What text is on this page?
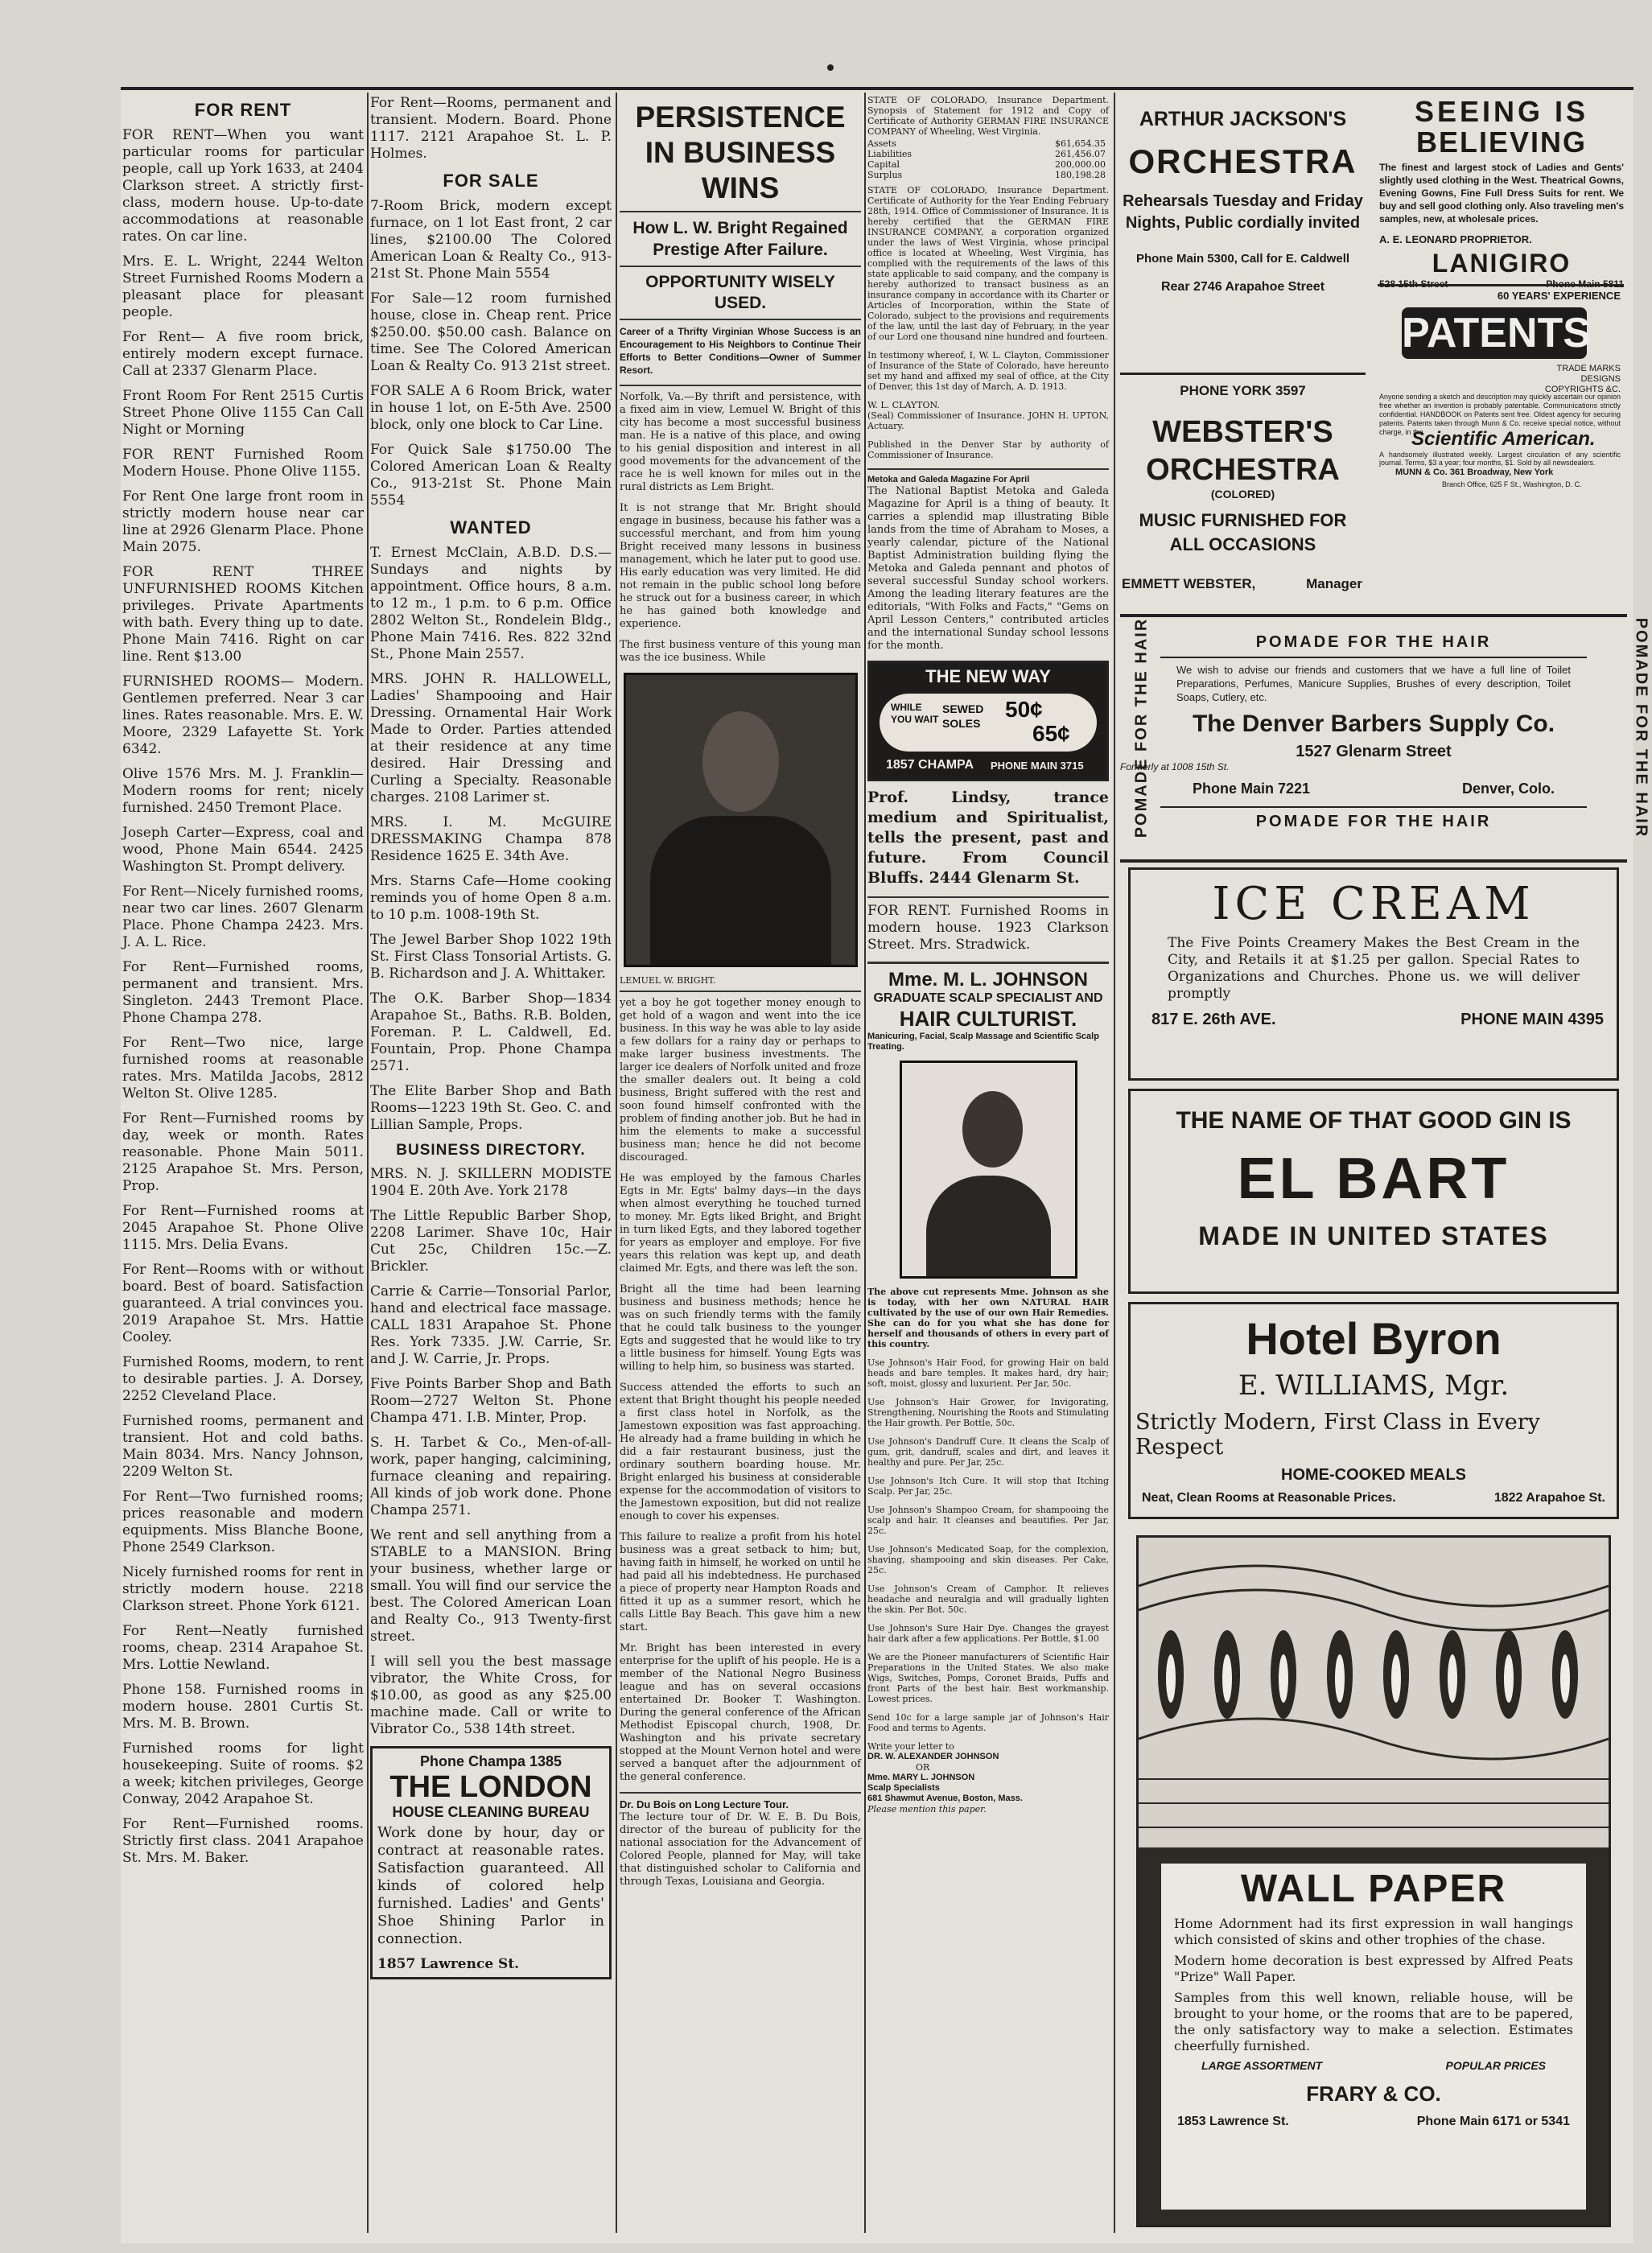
FOR RENT

FOR RENT—When you want particular rooms for particular people, call up York 1633, at 2404 Clarkson street. A strictly first-class, modern house. Up-to-date accommodations at reasonable rates. On car line.

Mrs. E. L. Wright, 2244 Welton Street Furnished Rooms Modern a pleasant place for pleasant people.

For Rent— A five room brick, entirely modern except furnace. Call at 2337 Glenarm Place.

Front Room For Rent 2515 Curtis Street Phone Olive 1155 Can Call Night or Morning

FOR RENT Furnished Room Modern House. Phone Olive 1155.

For Rent One large front room in strictly modern house near car line at 2926 Glenarm Place. Phone Main 2075.

FOR RENT THREE UNFURNISHED ROOMS Kitchen privileges. Private Apartments with bath. Every thing up to date. Phone Main 7416. Right on car line. Rent $13.00

FURNISHED ROOMS— Modern. Gentlemen preferred. Near 3 car lines. Rates reasonable. Mrs. E. W. Moore, 2329 Lafayette St. York 6342.

Olive 1576 Mrs. M. J. Franklin—Modern rooms for rent; nicely furnished. 2450 Tremont Place.

Joseph Carter—Express, coal and wood, Phone Main 6544. 2425 Washington St. Prompt delivery.

For Rent—Nicely furnished rooms, near two car lines. 2607 Glenarm Place. Phone Champa 2423. Mrs. J. A. L. Rice.

For Rent—Furnished rooms, permanent and transient. Mrs. Singleton. 2443 Tremont Place. Phone Champa 278.

For Rent—Two nice, large furnished rooms at reasonable rates. Mrs. Matilda Jacobs, 2812 Welton St. Olive 1285.

For Rent—Furnished rooms by day, week or month. Rates reasonable. Phone Main 5011. 2125 Arapahoe St. Mrs. Person, Prop.

For Rent—Furnished rooms at 2045 Arapahoe St. Phone Olive 1115. Mrs. Delia Evans.

For Rent—Rooms with or without board. Best of board. Satisfaction guaranteed. A trial convinces you. 2019 Arapahoe St. Mrs. Hattie Cooley.

Furnished Rooms, modern, to rent to desirable parties. J. A. Dorsey, 2252 Cleveland Place.

Furnished rooms, permanent and transient. Hot and cold baths. Main 8034. Mrs. Nancy Johnson, 2209 Welton St.

For Rent—Two furnished rooms; prices reasonable and modern equipments. Miss Blanche Boone, Phone 2549 Clarkson.

Nicely furnished rooms for rent in strictly modern house. 2218 Clarkson street. Phone York 6121.

For Rent—Neatly furnished rooms, cheap. 2314 Arapahoe St. Mrs. Lottie Newland.

Phone 158. Furnished rooms in modern house. 2801 Curtis St. Mrs. M. B. Brown.

Furnished rooms for light housekeeping. Suite of rooms. $2 a week; kitchen privileges, George Conway, 2042 Arapahoe St.

For Rent—Furnished rooms. Strictly first class. 2041 Arapahoe St. Mrs. M. Baker.

For Rent—Rooms, permanent and transient. Modern. Board. Phone 1117. 2121 Arapahoe St. L. P. Holmes.

FOR SALE

7-Room Brick, modern except furnace, on 1 lot East front, 2 car lines, $2100.00 The Colored American Loan & Realty Co., 913-21st St. Phone Main 5554

For Sale—12 room furnished house, close in. Cheap rent. Price $250.00. $50.00 cash. Balance on time. See The Colored American Loan & Realty Co. 913 21st street.

FOR SALE A 6 Room Brick, water in house 1 lot, on E-5th Ave. 2500 block, only one block to Car Line.

For Quick Sale $1750.00 The Colored American Loan & Realty Co., 913-21st St. Phone Main 5554

WANTED

T. Ernest McClain, A.B.D. D.S.—Sundays and nights by appointment. Office hours, 8 a.m. to 12 m., 1 p.m. to 6 p.m. Office 2802 Welton St., Rondelein Bldg., Phone Main 7416. Res. 822 32nd St., Phone Main 2557.

MRS. JOHN R. HALLOWELL, Ladies' Shampooing and Hair Dressing. Ornamental Hair Work Made to Order. Parties attended at their residence at any time desired. Hair Dressing and Curling a Specialty. Reasonable charges. 2108 Larimer st.

MRS. I. M. McGUIRE DRESSMAKING Champa 878 Residence 1625 E. 34th Ave.

Mrs. Starns Cafe—Home cooking reminds you of home Open 8 a.m. to 10 p.m. 1008-19th St.

The Jewel Barber Shop 1022 19th St. First Class Tonsorial Artists. G. B. Richardson and J. A. Whittaker.

The O.K. Barber Shop—1834 Arapahoe St., Baths. R.B. Bolden, Foreman. P. L. Caldwell, Ed. Fountain, Prop. Phone Champa 2571.

The Elite Barber Shop and Bath Rooms—1223 19th St. Geo. C. and Lillian Sample, Props.

BUSINESS DIRECTORY.

MRS. N. J. SKILLERN MODISTE 1904 E. 20th Ave. York 2178

The Little Republic Barber Shop, 2208 Larimer. Shave 10c, Hair Cut 25c, Children 15c.—Z. Brickler.

Carrie & Carrie—Tonsorial Parlor, hand and electrical face massage. CALL 1831 Arapahoe St. Phone Res. York 7335. J.W. Carrie, Sr. and J. W. Carrie, Jr. Props.

Five Points Barber Shop and Bath Room—2727 Welton St. Phone Champa 471. I.B. Minter, Prop.

S. H. Tarbet & Co., Men-of-all-work, paper hanging, calcimining, furnace cleaning and repairing. All kinds of job work done. Phone Champa 2571.

We rent and sell anything from a STABLE to a MANSION. Bring your business, whether large or small. You will find our service the best. The Colored American Loan and Realty Co., 913 Twenty-first street.

I will sell you the best massage vibrator, the White Cross, for $10.00, as good as any $25.00 machine made. Call or write to Vibrator Co., 538 14th street.

Phone Champa 1385
THE LONDON
HOUSE CLEANING BUREAU

Work done by hour, day or contract at reasonable rates. Satisfaction guaranteed. All kinds of colored help furnished. Ladies' and Gents' Shoe Shining Parlor in connection.

1857 Lawrence St.
PERSISTENCE IN BUSINESS WINS
How L. W. Bright Regained Prestige After Failure.
OPPORTUNITY WISELY USED.

Career of a Thrifty Virginian Whose Success is an Encouragement to His Neighbors to Continue Their Efforts to Better Conditions—Owner of Summer Resort.

Norfolk, Va.—By thrift and persistence, with a fixed aim in view, Lemuel W. Bright of this city has become a most successful business man. He is a native of this place, and owing to his genial disposition and interest in all good movements for the advancement of the race he is well known for miles out in the rural districts as Lem Bright.

It is not strange that Mr. Bright should engage in business, because his father was a successful merchant, and from him young Bright received many lessons in business management, which he later put to good use. His early education was very limited. He did not remain in the public school long before he struck out for a business career, in which he has gained both knowledge and experience.

The first business venture of this young man was the ice business. While

LEMUEL W. BRIGHT.

yet a boy he got together money enough to get hold of a wagon and went into the ice business. In this way he was able to lay aside a few dollars for a rainy day or perhaps to make larger business investments. The larger ice dealers of Norfolk united and froze the smaller dealers out. It being a cold business, Bright suffered with the rest and soon found himself confronted with the problem of finding another job. But he had in him the elements to make a successful business man; hence he did not become discouraged.

He was employed by the famous Charles Egts in Mr. Egts' balmy days—in the days when almost everything he touched turned to money. Mr. Egts liked Bright, and Bright in turn liked Egts, and they labored together for years as employer and employe. For five years this relation was kept up, and death claimed Mr. Egts, and there was left the son.

Bright all the time had been learning business and business methods; hence he was on such friendly terms with the family that he could talk business to the younger Egts and suggested that he would like to try a little business for himself. Young Egts was willing to help him, so business was started.

Success attended the efforts to such an extent that Bright thought his people needed a first class hotel in Norfolk, as the Jamestown exposition was fast approaching. He already had a frame building in which he did a fair restaurant business, just the ordinary southern boarding house. Mr. Bright enlarged his business at considerable expense for the accommodation of visitors to the Jamestown exposition, but did not realize enough to cover his expenses.

This failure to realize a profit from his hotel business was a great setback to him; but, having faith in himself, he worked on until he had paid all his indebtedness. He purchased a piece of property near Hampton Roads and fitted it up as a summer resort, which he calls Little Bay Beach. This gave him a new start.

Mr. Bright has been interested in every enterprise for the uplift of his people. He is a member of the National Negro Business league and has on several occasions entertained Dr. Booker T. Washington. During the general conference of the African Methodist Episcopal church, 1908, Dr. Washington and his private secretary stopped at the Mount Vernon hotel and were served a banquet after the adjournment of the general conference.

Dr. Du Bois on Long Lecture Tour.

The lecture tour of Dr. W. E. B. Du Bois, director of the bureau of publicity for the national association for the Advancement of Colored People, planned for May, will take that distinguished scholar to California and through Texas, Louisiana and Georgia.

STATE OF COLORADO, Insurance Department. Synopsis of Statement for 1912 and Copy of Certificate of Authority GERMAN FIRE INSURANCE COMPANY of Wheeling, West Virginia.

Assets	$61,654.35
Liabilities	261,456.07
Capital	200,000.00
Surplus	180,198.28

STATE OF COLORADO, Insurance Department. Certificate of Authority for the Year Ending February 28th, 1914. Office of Commissioner of Insurance. It is hereby certified that the GERMAN FIRE INSURANCE COMPANY, a corporation organized under the laws of West Virginia, whose principal office is located at Wheeling, West Virginia, has complied with the requirements of the laws of this state applicable to said company, and the company is hereby authorized to transact business as an insurance company in accordance with its Charter or Articles of Incorporation, within the State of Colorado, subject to the provisions and requirements of the law, until the last day of February, in the year of our Lord one thousand nine hundred and fourteen.

In testimony whereof, I, W. L. Clayton, Commissioner of Insurance of the State of Colorado, have hereunto set my hand and affixed my seal of office, at the City of Denver, this 1st day of March, A. D. 1913.

W. L. CLAYTON.

(Seal) Commissioner of Insurance. JOHN H. UPTON, Actuary.

Published in the Denver Star by authority of Commissioner of Insurance.

Metoka and Galeda Magazine For April

The National Baptist Metoka and Galeda Magazine for April is a thing of beauty. It carries a splendid map illustrating Bible lands from the time of Abraham to Moses, a yearly calendar, picture of the National Baptist Administration building flying the Metoka and Galeda pennant and photos of several successful Sunday school workers. Among the leading literary features are the editorials, "With Folks and Facts," "Gems on April Lesson Centers," contributed articles and the international Sunday school lessons for the month.

THE NEW WAY
WHILE YOU WAIT
SEWED SOLES
50¢
65¢
1857 CHAMPA PHONE MAIN 3715

Prof. Lindsy, trance medium and Spiritualist, tells the present, past and future. From Council Bluffs. 2444 Glenarm St.

FOR RENT. Furnished Rooms in modern house. 1923 Clarkson Street. Mrs. Stradwick.

Mme. M. L. JOHNSON
GRADUATE SCALP SPECIALIST AND
HAIR CULTURIST.
Manicuring, Facial, Scalp Massage and Scientific Scalp Treating.

The above cut represents Mme. Johnson as she is today, with her own NATURAL HAIR cultivated by the use of our own Hair Remedies. She can do for you what she has done for herself and thousands of others in every part of this country.

Use Johnson's Hair Food, for growing Hair on bald heads and bare temples. It makes hard, dry hair; soft, moist, glossy and luxurient. Per Jar, 50c.

Use Johnson's Hair Grower, for Invigorating, Strengthening, Nourishing the Roots and Stimulating the Hair growth. Per Bottle, 50c.

Use Johnson's Dandruff Cure. It cleans the Scalp of gum, grit, dandruff, scales and dirt, and leaves it healthy and pure. Per Jar, 25c.

Use Johnson's Itch Cure. It will stop that Itching Scalp. Per Jar, 25c.

Use Johnson's Shampoo Cream, for shampooing the scalp and hair. It cleanses and beautifies. Per Jar, 25c.

Use Johnson's Medicated Soap, for the complexion, shaving, shampooing and skin diseases. Per Cake, 25c.

Use Johnson's Cream of Camphor. It relieves headache and neuralgia and will gradually lighten the skin. Per Bot. 50c.

Use Johnson's Sure Hair Dye. Changes the grayest hair dark after a few applications. Per Bottle, $1.00

We are the Pioneer manufacturers of Scientific Hair Preparations in the United States. We also make Wigs, Switches, Pomps, Coronet Braids, Puffs and front Parts of the best hair. Best workmanship. Lowest prices.

Send 10c for a large sample jar of Johnson's Hair Food and terms to Agents.

Write your letter to
DR. W. ALEXANDER JOHNSON
OR
Mme. MARY L. JOHNSON
Scalp Specialists
681 Shawmut Avenue, Boston, Mass.
Please mention this paper.
ARTHUR JACKSON'S
ORCHESTRA
Rehearsals Tuesday and Friday Nights, Public cordially invited
Phone Main 5300, Call for E. Caldwell
Rear 2746 Arapahoe Street
PHONE YORK 3597
WEBSTER'S
ORCHESTRA
(COLORED)
MUSIC FURNISHED FOR ALL OCCASIONS
EMMETT WEBSTER,	Manager
SEEING IS
BELIEVING

The finest and largest stock of Ladies and Gents' slightly used clothing in the West. Theatrical Gowns, Evening Gowns, Fine Full Dress Suits for rent. We buy and sell good clothing only. Also traveling men's samples, new, at wholesale prices.

A. E. LEONARD PROPRIETOR.
LANIGIRO
60 YEARS' EXPERIENCE
PATENTS
TRADE MARKS DESIGNS COPYRIGHTS &C.

Anyone sending a sketch and description may quickly ascertain our opinion free whether an invention is probably patentable. Communications strictly confidential. HANDBOOK on Patents sent free. Oldest agency for securing patents. Patents taken through Munn & Co. receive special notice, without charge, in the

Scientific American.

A handsomely illustrated weekly. Largest circulation of any scientific journal. Terms, $3 a year; four months, $1. Sold by all newsdealers.

MUNN & Co. 361 Broadway, New York
Branch Office, 625 F St., Washington, D. C.
POMADE FOR THE HAIR	POMADE FOR THE HAIR
POMADE FOR THE HAIR

We wish to advise our friends and customers that we have a full line of Toilet Preparations, Perfumes, Manicure Supplies, Brushes of every description, Toilet Soaps, Cutlery, etc.

The Denver Barbers Supply Co.
1527 Glenarm Street
Formerly at 1008 15th St.
Phone Main 7221	Denver, Colo.
POMADE FOR THE HAIR
ICE CREAM

The Five Points Creamery Makes the Best Cream in the City, and Retails it at $1.25 per gallon. Special Rates to Organizations and Churches. Phone us. we will deliver promptly

817 E. 26th AVE.	PHONE MAIN 4395
THE NAME OF THAT GOOD GIN IS
EL BART
MADE IN UNITED STATES
Hotel Byron
E. WILLIAMS, Mgr.
Strictly Modern, First Class in Every Respect
HOME-COOKED MEALS
Neat, Clean Rooms at Reasonable Prices.	1822 Arapahoe St.
WALL PAPER

Home Adornment had its first expression in wall hangings which consisted of skins and other trophies of the chase.

Modern home decoration is best expressed by Alfred Peats "Prize" Wall Paper.

Samples from this well known, reliable house, will be brought to your home, or the rooms that are to be papered, the only satisfactory way to make a selection. Estimates cheerfully furnished.

LARGE ASSORTMENT	POPULAR PRICES
FRARY & CO.
1853 Lawrence St.	Phone Main 6171 or 5341
